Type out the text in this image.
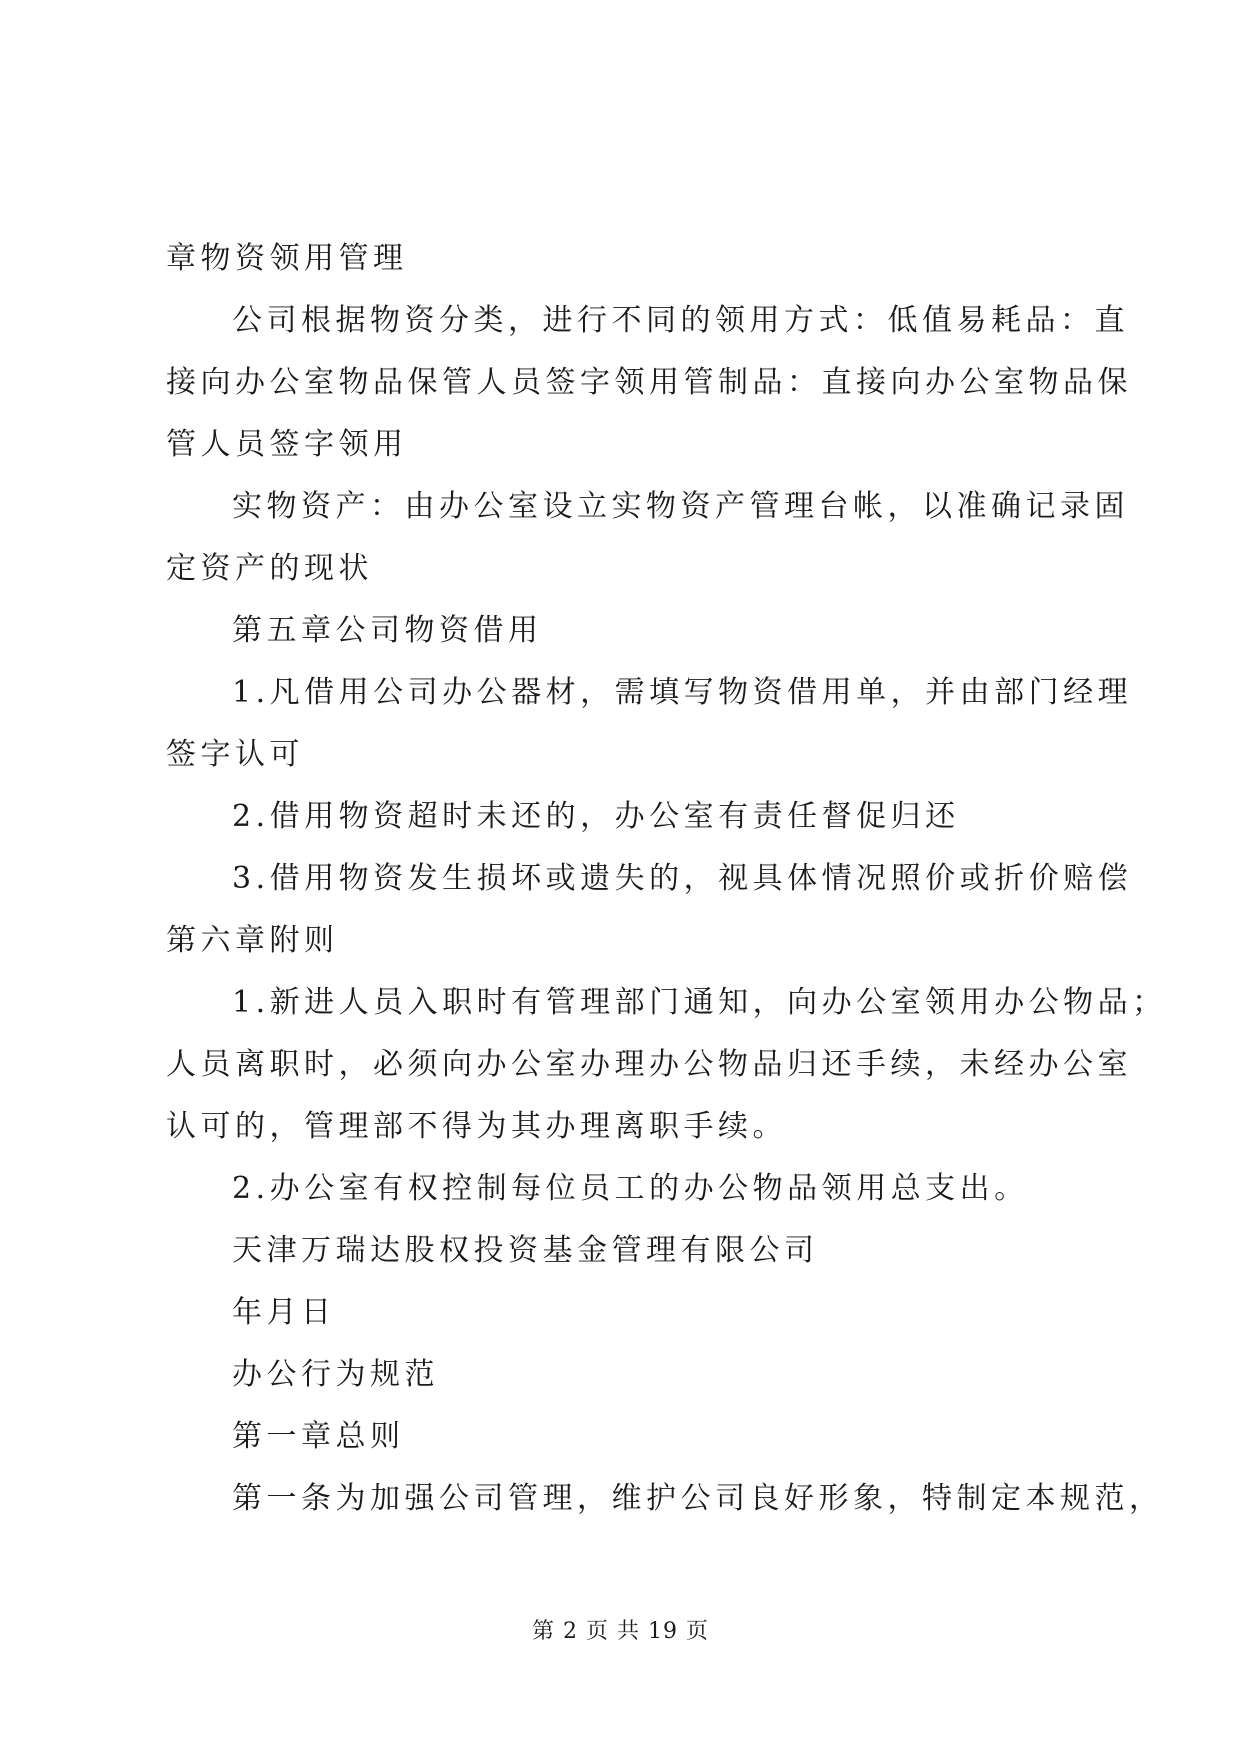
章物资领用管理

公司根据物资分类，进行不同的领用方式：低值易耗品：直

接向办公室物品保管人员签字领用管制品：直接向办公室物品保

管人员签字领用

实物资产：由办公室设立实物资产管理台帐，以准确记录固

定资产的现状

第五章公司物资借用

1.凡借用公司办公器材，需填写物资借用单，并由部门经理

签字认可

2.借用物资超时未还的，办公室有责任督促归还

3.借用物资发生损坏或遗失的，视具体情况照价或折价赔偿

第六章附则

1.新进人员入职时有管理部门通知，向办公室领用办公物品；

人员离职时，必须向办公室办理办公物品归还手续，未经办公室

认可的，管理部不得为其办理离职手续。

2.办公室有权控制每位员工的办公物品领用总支出。

天津万瑞达股权投资基金管理有限公司

年月日

办公行为规范

第一章总则

第一条为加强公司管理，维护公司良好形象，特制定本规范，

第 2 页 共 19 页
